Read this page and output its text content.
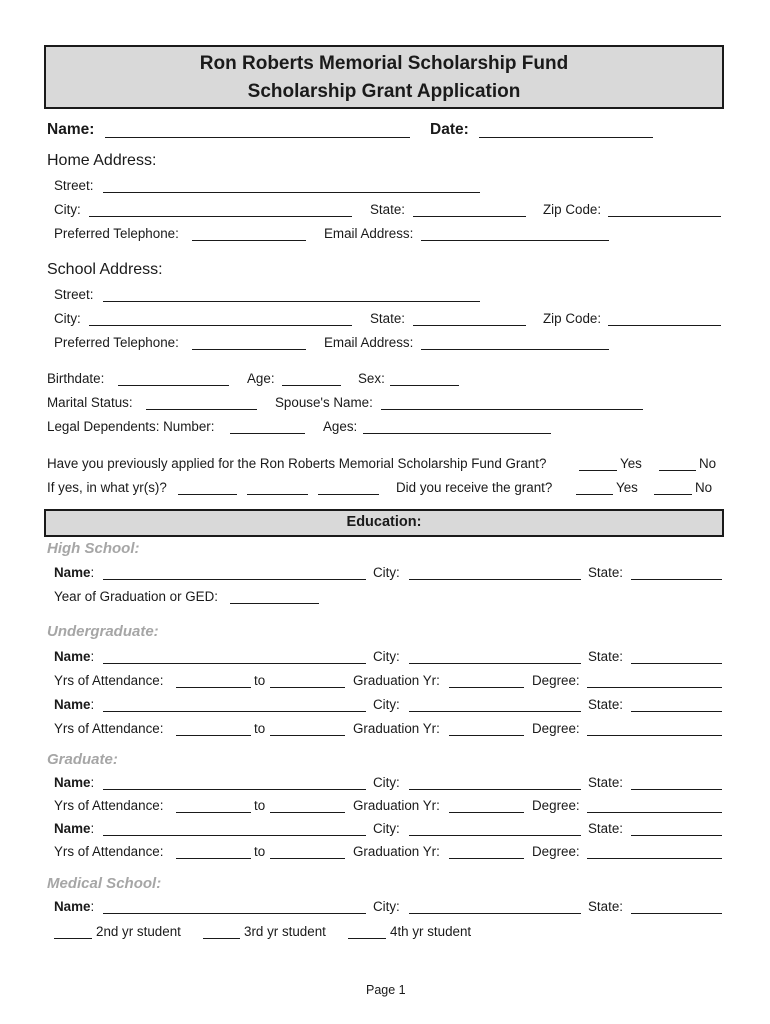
Ron Roberts Memorial Scholarship Fund
Scholarship Grant Application
Name:	Date:
Home Address:
Street:
City:	State:	Zip Code:
Preferred Telephone:	Email Address:
School Address:
Street:
City:	State:	Zip Code:
Preferred Telephone:	Email Address:
Birthdate:	Age:	Sex:
Marital Status:	Spouse's Name:
Legal Dependents: Number:	Ages:
Have you previously applied for the Ron Roberts Memorial Scholarship Fund Grant?	Yes	No
If yes, in what yr(s)?	Did you receive the grant?	Yes	No
Education:
High School:
Name:	City:	State:
Year of Graduation or GED:
Undergraduate:
Name:	City:	State:
Yrs of Attendance:	to	Graduation Yr:	Degree:
Name:	City:	State:
Yrs of Attendance:	to	Graduation Yr:	Degree:
Graduate:
Name:	City:	State:
Yrs of Attendance:	to	Graduation Yr:	Degree:
Name:	City:	State:
Yrs of Attendance:	to	Graduation Yr:	Degree:
Medical School:
Name:	City:	State:
2nd yr student	3rd yr student	4th yr student
Page 1
